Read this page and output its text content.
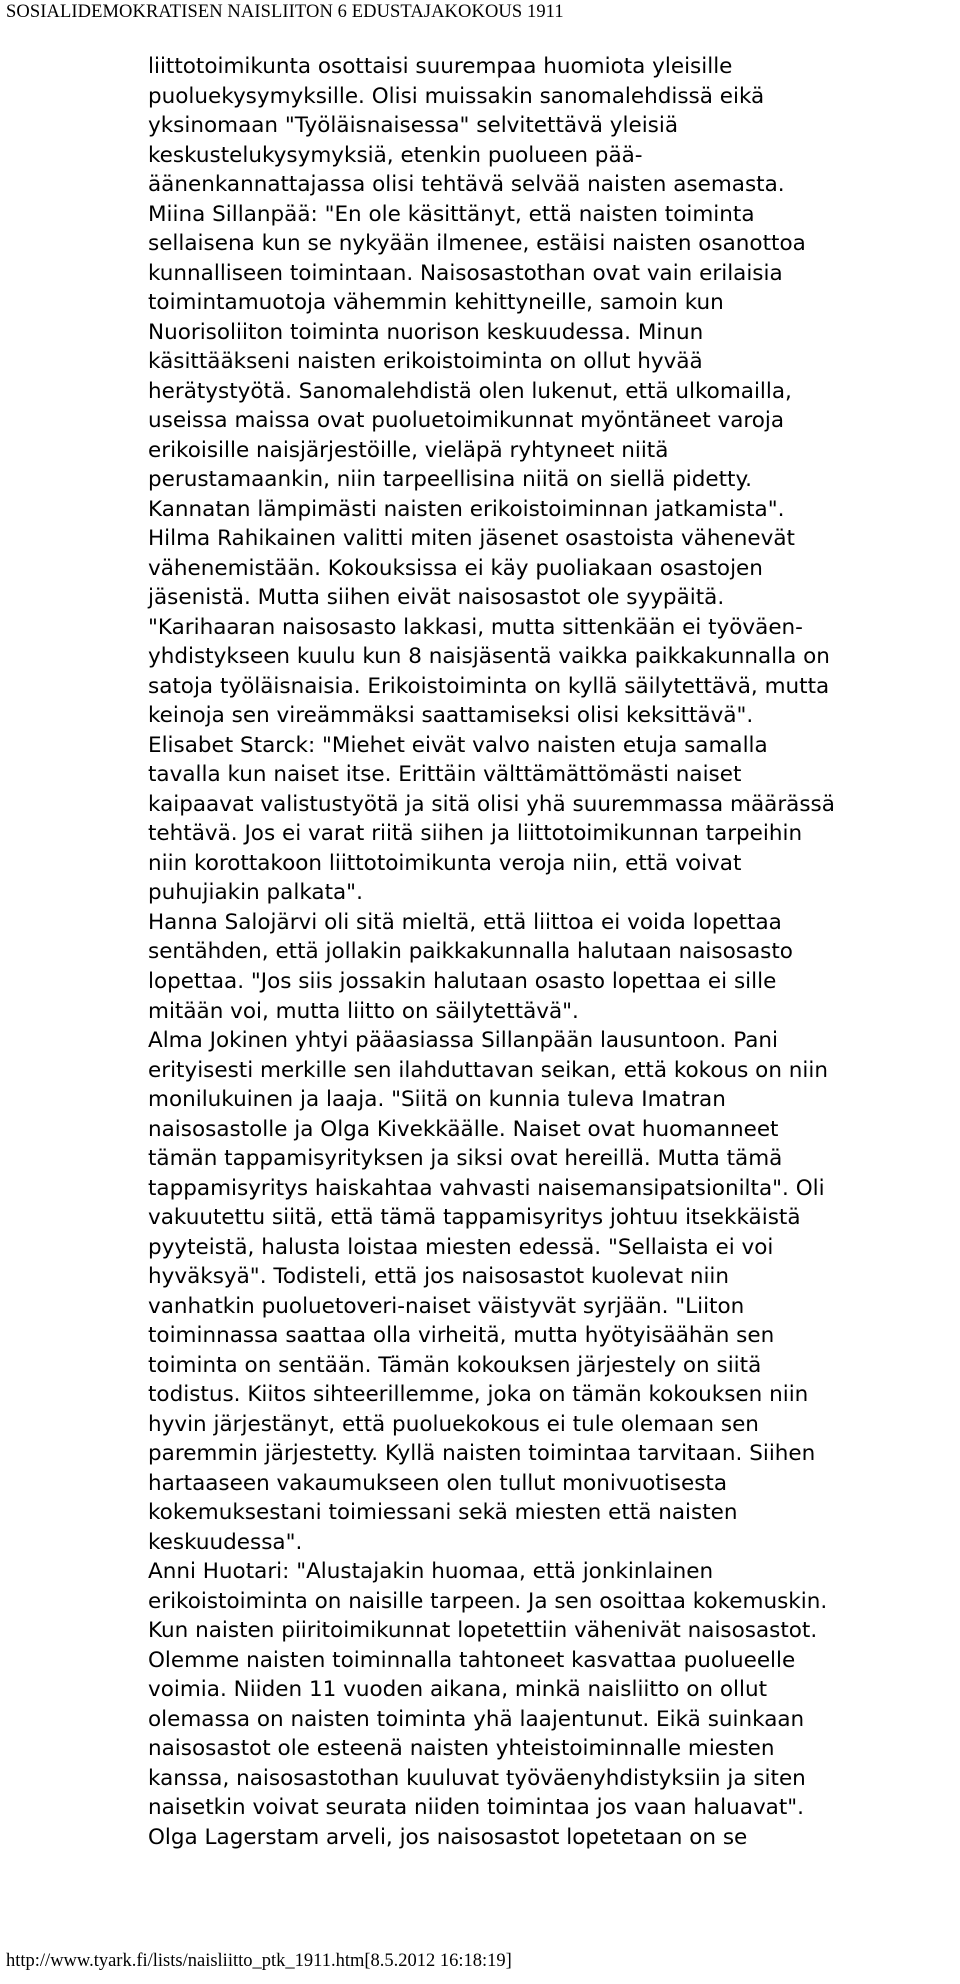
SOSIALIDEMOKRATISEN NAISLIITON 6 EDUSTAJAKOKOUS 1911
liittotoimikunta osottaisi suurempaa huomiota yleisille
puoluekysymyksille. Olisi muissakin sanomalehdissä eikä
yksinomaan "Työläisnaisessa" selvitettävä yleisiä
keskustelukysymyksiä, etenkin puolueen pää-
äänenkannattajassa olisi tehtävä selvää naisten asemasta.
Miina Sillanpää: "En ole käsittänyt, että naisten toiminta
sellaisena kun se nykyään ilmenee, estäisi naisten osanottoa
kunnalliseen toimintaan. Naisosastothan ovat vain erilaisia
toimintamuotoja vähemmin kehittyneille, samoin kun
Nuorisoliiton toiminta nuorison keskuudessa. Minun
käsittääkseni naisten erikoistoiminta on ollut hyvää
herätystyötä. Sanomalehdistä olen lukenut, että ulkomailla,
useissa maissa ovat puoluetoimikunnat myöntäneet varoja
erikoisille naisjärjestöille, vieläpä ryhtyneet niitä
perustamaankin, niin tarpeellisina niitä on siellä pidetty.
Kannatan lämpimästi naisten erikoistoiminnan jatkamista".
Hilma Rahikainen valitti miten jäsenet osastoista vähenevät
vähenemistään. Kokouksissa ei käy puoliakaan osastojen
jäsenistä. Mutta siihen eivät naisosastot ole syypäitä.
"Karihaaran naisosasto lakkasi, mutta sittenkään ei työväen-
yhdistykseen kuulu kun 8 naisjäsentä vaikka paikkakunnalla on
satoja työläisnaisia. Erikoistoiminta on kyllä säilytettävä, mutta
keinoja sen vireämmäksi saattamiseksi olisi keksittävä".
Elisabet Starck: "Miehet eivät valvo naisten etuja samalla
tavalla kun naiset itse. Erittäin välttämättömästi naiset
kaipaavat valistustyötä ja sitä olisi yhä suuremmassa määrässä
tehtävä. Jos ei varat riitä siihen ja liittotoimikunnan tarpeihin
niin korottakoon liittotoimikunta veroja niin, että voivat
puhujiakin palkata".
Hanna Salojärvi oli sitä mieltä, että liittoa ei voida lopettaa
sentähden, että jollakin paikkakunnalla halutaan naisosasto
lopettaa. "Jos siis jossakin halutaan osasto lopettaa ei sille
mitään voi, mutta liitto on säilytettävä".
Alma Jokinen yhtyi pääasiassa Sillanpään lausuntoon. Pani
erityisesti merkille sen ilahduttavan seikan, että kokous on niin
monilukuinen ja laaja. "Siitä on kunnia tuleva Imatran
naisosastolle ja Olga Kivekkäälle. Naiset ovat huomanneet
tämän tappamisyrityksen ja siksi ovat hereillä. Mutta tämä
tappamisyritys haiskahtaa vahvasti naisemansipatsionilta". Oli
vakuutettu siitä, että tämä tappamisyritys johtuu itsekkäistä
pyyteistä, halusta loistaa miesten edessä. "Sellaista ei voi
hyväksyä". Todisteli, että jos naisosastot kuolevat niin
vanhatkin puoluetoveri-naiset väistyvät syrjään. "Liiton
toiminnassa saattaa olla virheitä, mutta hyötyisäähän sen
toiminta on sentään. Tämän kokouksen järjestely on siitä
todistus. Kiitos sihteerillemme, joka on tämän kokouksen niin
hyvin järjestänyt, että puoluekokous ei tule olemaan sen
paremmin järjestetty. Kyllä naisten toimintaa tarvitaan. Siihen
hartaaseen vakaumukseen olen tullut monivuotisesta
kokemuksestani toimiessani sekä miesten että naisten
keskuudessa".
Anni Huotari: "Alustajakin huomaa, että jonkinlainen
erikoistoiminta on naisille tarpeen. Ja sen osoittaa kokemuskin.
Kun naisten piiritoimikunnat lopetettiin vähenivät naisosastot.
Olemme naisten toiminnalla tahtoneet kasvattaa puolueelle
voimia. Niiden 11 vuoden aikana, minkä naisliitto on ollut
olemassa on naisten toiminta yhä laajentunut. Eikä suinkaan
naisosastot ole esteenä naisten yhteistoiminnalle miesten
kanssa, naisosastothan kuuluvat työväenyhdistyksiin ja siten
naisetkin voivat seurata niiden toimintaa jos vaan haluavat".
Olga Lagerstam arveli, jos naisosastot lopetetaan on se
http://www.tyark.fi/lists/naisliitto_ptk_1911.htm[8.5.2012 16:18:19]
